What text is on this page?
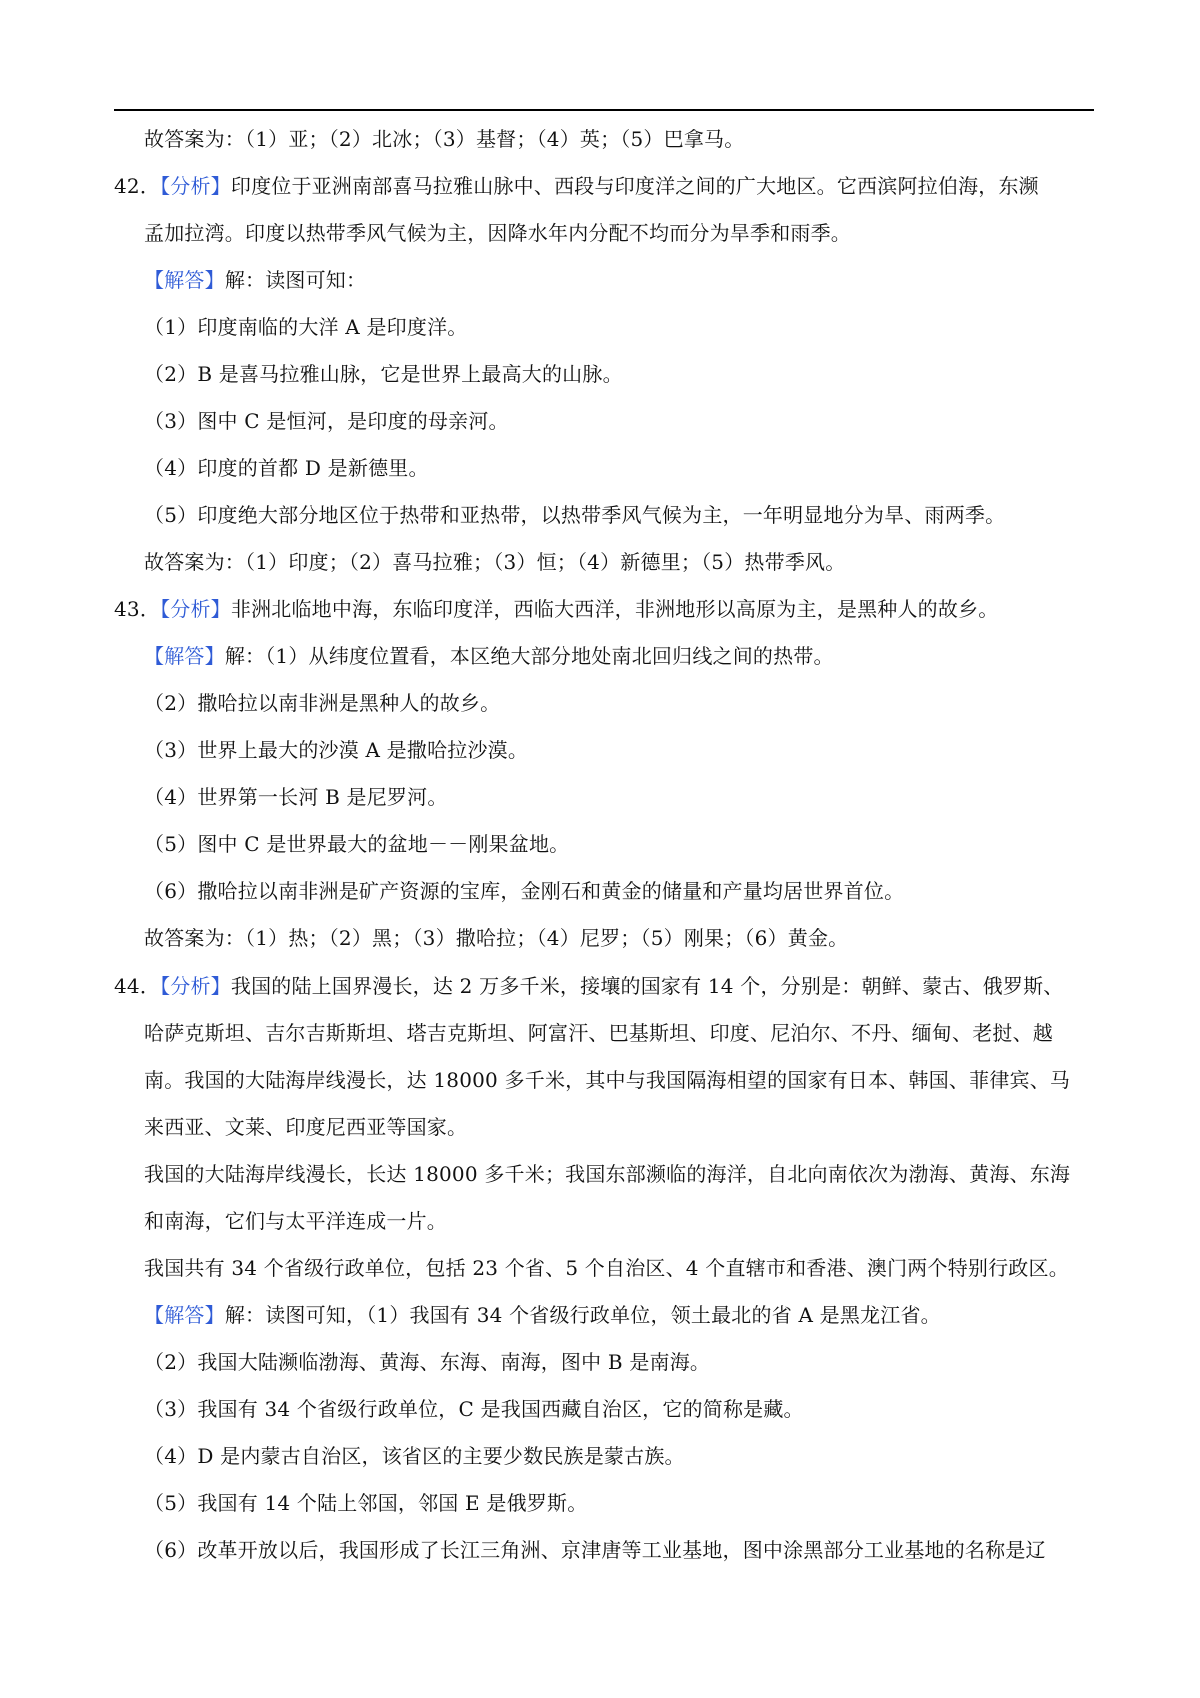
故答案为：（1）亚；（2）北冰；（3）基督；（4）英；（5）巴拿马。
42．【分析】印度位于亚洲南部喜马拉雅山脉中、西段与印度洋之间的广大地区。它西滨阿拉伯海，东濒
孟加拉湾。印度以热带季风气候为主，因降水年内分配不均而分为旱季和雨季。
【解答】解：读图可知：
（1）印度南临的大洋 A 是印度洋。
（2）B 是喜马拉雅山脉，它是世界上最高大的山脉。
（3）图中 C 是恒河，是印度的母亲河。
（4）印度的首都 D 是新德里。
（5）印度绝大部分地区位于热带和亚热带，以热带季风气候为主，一年明显地分为旱、雨两季。
故答案为：（1）印度；（2）喜马拉雅；（3）恒；（4）新德里；（5）热带季风。
43．【分析】非洲北临地中海，东临印度洋，西临大西洋，非洲地形以高原为主，是黑种人的故乡。
【解答】解：（1）从纬度位置看，本区绝大部分地处南北回归线之间的热带。
（2）撒哈拉以南非洲是黑种人的故乡。
（3）世界上最大的沙漠 A 是撒哈拉沙漠。
（4）世界第一长河 B 是尼罗河。
（5）图中 C 是世界最大的盆地－－刚果盆地。
（6）撒哈拉以南非洲是矿产资源的宝库，金刚石和黄金的储量和产量均居世界首位。
故答案为：（1）热；（2）黑；（3）撒哈拉；（4）尼罗；（5）刚果；（6）黄金。
44．【分析】我国的陆上国界漫长，达 2 万多千米，接壤的国家有 14 个，分别是：朝鲜、蒙古、俄罗斯、
哈萨克斯坦、吉尔吉斯斯坦、塔吉克斯坦、阿富汗、巴基斯坦、印度、尼泊尔、不丹、缅甸、老挝、越
南。我国的大陆海岸线漫长，达 18000 多千米，其中与我国隔海相望的国家有日本、韩国、菲律宾、马
来西亚、文莱、印度尼西亚等国家。
我国的大陆海岸线漫长，长达 18000 多千米；我国东部濒临的海洋，自北向南依次为渤海、黄海、东海
和南海，它们与太平洋连成一片。
我国共有 34 个省级行政单位，包括 23 个省、5 个自治区、4 个直辖市和香港、澳门两个特别行政区。
【解答】解：读图可知，（1）我国有 34 个省级行政单位，领土最北的省 A 是黑龙江省。
（2）我国大陆濒临渤海、黄海、东海、南海，图中 B 是南海。
（3）我国有 34 个省级行政单位，C 是我国西藏自治区，它的简称是藏。
（4）D 是内蒙古自治区，该省区的主要少数民族是蒙古族。
（5）我国有 14 个陆上邻国，邻国 E 是俄罗斯。
（6）改革开放以后，我国形成了长江三角洲、京津唐等工业基地，图中涂黑部分工业基地的名称是辽
